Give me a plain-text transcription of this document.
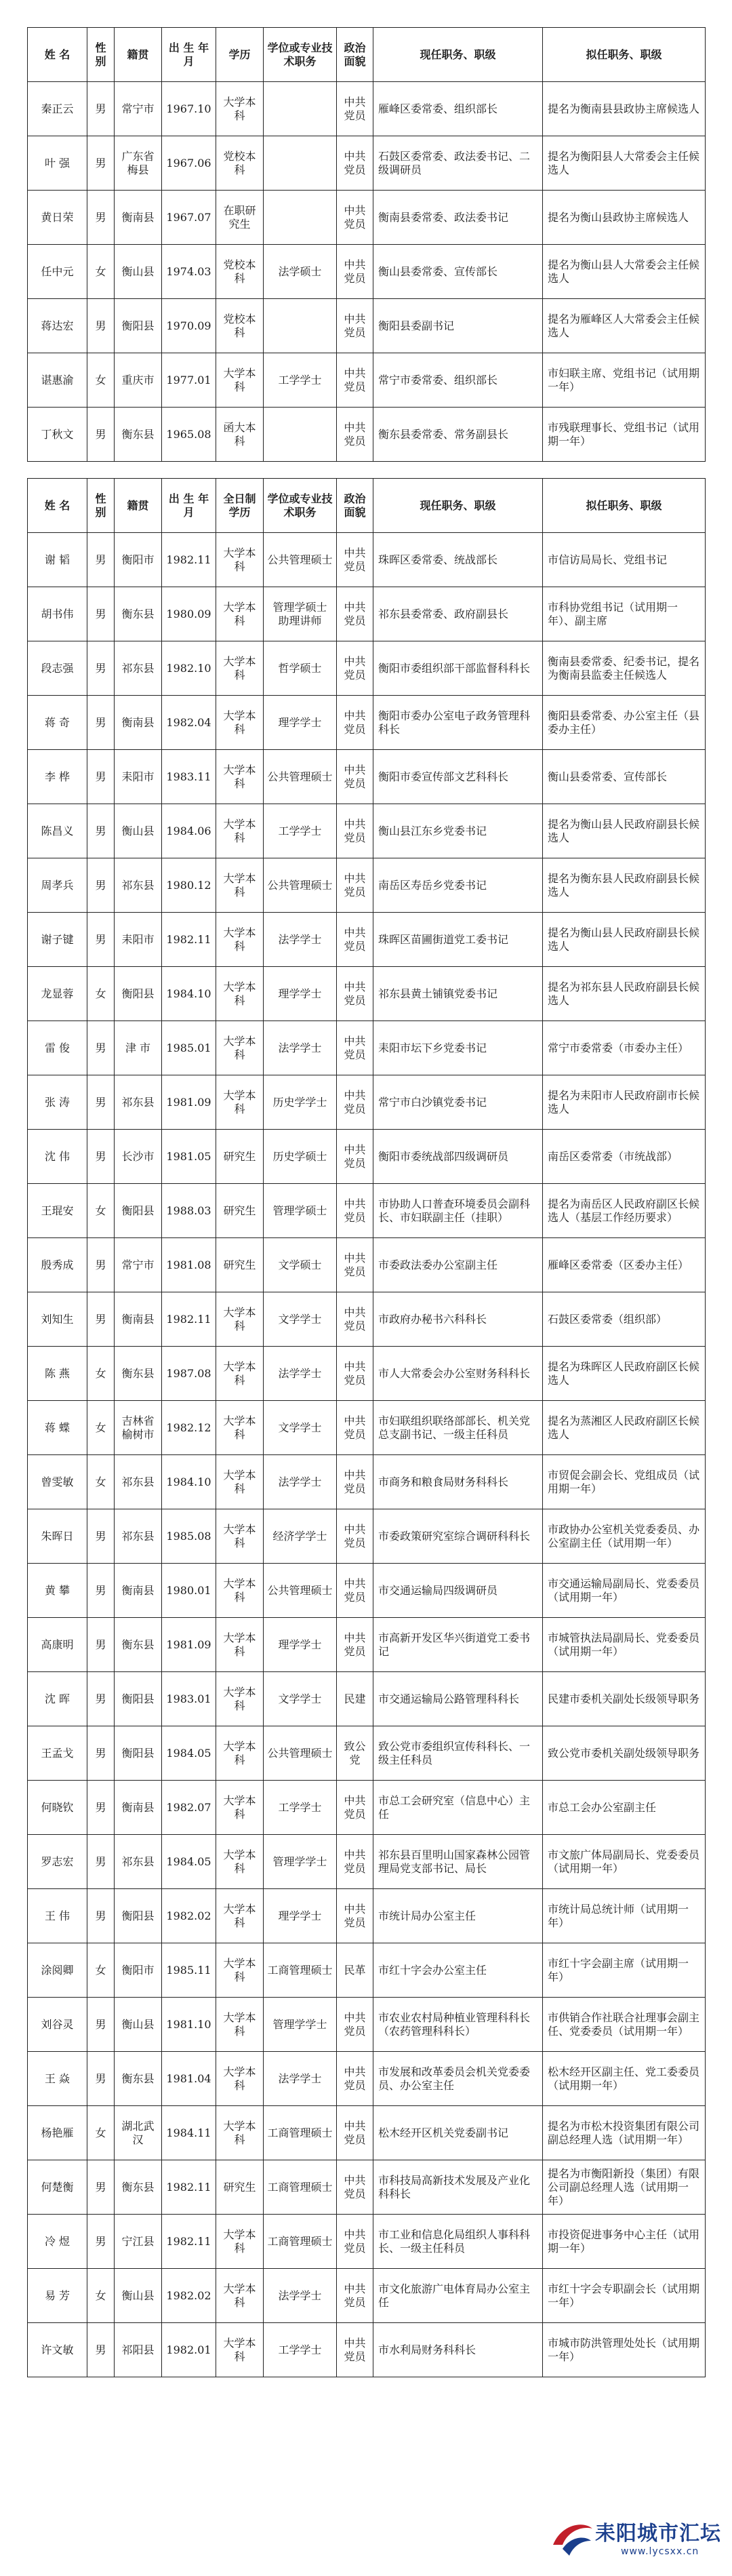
姓 名	性别	籍贯	出 生 年 月	学历	学位或专业技术职务	政治面貌	现任职务、职级	拟任职务、职级
秦正云	男	常宁市	1967.10	大学本科		中共党员	雁峰区委常委、组织部长	提名为衡南县县政协主席候选人
叶 强	男	广东省梅县	1967.06	党校本科		中共党员	石鼓区委常委、政法委书记、二级调研员	提名为衡阳县人大常委会主任候选人
黄日荣	男	衡南县	1967.07	在职研究生		中共党员	衡南县委常委、政法委书记	提名为衡山县政协主席候选人
任中元	女	衡山县	1974.03	党校本科	法学硕士	中共党员	衡山县委常委、宣传部长	提名为衡山县人大常委会主任候选人
蒋达宏	男	衡阳县	1970.09	党校本科		中共党员	衡阳县委副书记	提名为雁峰区人大常委会主任候选人
谌惠渝	女	重庆市	1977.01	大学本科	工学学士	中共党员	常宁市委常委、组织部长	市妇联主席、党组书记（试用期一年）
丁秋文	男	衡东县	1965.08	函大本科		中共党员	衡东县委常委、常务副县长	市残联理事长、党组书记（试用期一年）
姓 名	性别	籍贯	出 生 年 月	全日制学历	学位或专业技术职务	政治面貌	现任职务、职级	拟任职务、职级
谢 韬	男	衡阳市	1982.11	大学本科	公共管理硕士	中共党员	珠晖区委常委、统战部长	市信访局局长、党组书记
胡书伟	男	衡东县	1980.09	大学本科	管理学硕士 助理讲师	中共党员	祁东县委常委、政府副县长	市科协党组书记（试用期一年）、副主席
段志强	男	祁东县	1982.10	大学本科	哲学硕士	中共党员	衡阳市委组织部干部监督科科长	衡南县委常委、纪委书记，提名为衡南县监委主任候选人
蒋 奇	男	衡南县	1982.04	大学本科	理学学士	中共党员	衡阳市委办公室电子政务管理科科长	衡阳县委常委、办公室主任（县委办主任）
李 桦	男	耒阳市	1983.11	大学本科	公共管理硕士	中共党员	衡阳市委宣传部文艺科科长	衡山县委常委、宣传部长
陈昌义	男	衡山县	1984.06	大学本科	工学学士	中共党员	衡山县江东乡党委书记	提名为衡山县人民政府副县长候选人
周孝兵	男	祁东县	1980.12	大学本科	公共管理硕士	中共党员	南岳区寿岳乡党委书记	提名为衡东县人民政府副县长候选人
谢子键	男	耒阳市	1982.11	大学本科	法学学士	中共党员	珠晖区苗圃街道党工委书记	提名为衡山县人民政府副县长候选人
龙显蓉	女	衡阳县	1984.10	大学本科	理学学士	中共党员	祁东县黄土铺镇党委书记	提名为祁东县人民政府副县长候选人
雷 俊	男	津 市	1985.01	大学本科	法学学士	中共党员	耒阳市坛下乡党委书记	常宁市委常委（市委办主任）
张 涛	男	祁东县	1981.09	大学本科	历史学学士	中共党员	常宁市白沙镇党委书记	提名为耒阳市人民政府副市长候选人
沈 伟	男	长沙市	1981.05	研究生	历史学硕士	中共党员	衡阳市委统战部四级调研员	南岳区委常委（市统战部）
王琨安	女	衡阳县	1988.03	研究生	管理学硕士	中共党员	市协助人口普查环境委员会副科长、市妇联副主任（挂职）	提名为南岳区人民政府副区长候选人（基层工作经历要求）
殷秀成	男	常宁市	1981.08	研究生	文学硕士	中共党员	市委政法委办公室副主任	雁峰区委常委（区委办主任）
刘知生	男	衡南县	1982.11	大学本科	文学学士	中共党员	市政府办秘书六科科长	石鼓区委常委（组织部）
陈 燕	女	衡东县	1987.08	大学本科	法学学士	中共党员	市人大常委会办公室财务科科长	提名为珠晖区人民政府副区长候选人
蒋 蝶	女	吉林省榆树市	1982.12	大学本科	文学学士	中共党员	市妇联组织联络部部长、机关党总支副书记、一级主任科员	提名为蒸湘区人民政府副区长候选人
曾雯敏	女	祁东县	1984.10	大学本科	法学学士	中共党员	市商务和粮食局财务科科长	市贸促会副会长、党组成员（试用期一年）
朱晖日	男	祁东县	1985.08	大学本科	经济学学士	中共党员	市委政策研究室综合调研科科长	市政协办公室机关党委委员、办公室副主任（试用期一年）
黄 攀	男	衡南县	1980.01	大学本科	公共管理硕士	中共党员	市交通运输局四级调研员	市交通运输局副局长、党委委员（试用期一年）
高康明	男	衡东县	1981.09	大学本科	理学学士	中共党员	市高新开发区华兴街道党工委书记	市城管执法局副局长、党委委员（试用期一年）
沈 晖	男	衡阳县	1983.01	大学本科	文学学士	民建	市交通运输局公路管理科科长	民建市委机关副处长级领导职务
王孟戈	男	衡阳县	1984.05	大学本科	公共管理硕士	致公党	致公党市委组织宣传科科长、一级主任科员	致公党市委机关副处级领导职务
何晓钦	男	衡南县	1982.07	大学本科	工学学士	中共党员	市总工会研究室（信息中心）主任	市总工会办公室副主任
罗志宏	男	祁东县	1984.05	大学本科	管理学学士	中共党员	祁东县百里明山国家森林公园管理局党支部书记、局长	市文旅广体局副局长、党委委员（试用期一年）
王 伟	男	衡阳县	1982.02	大学本科	理学学士	中共党员	市统计局办公室主任	市统计局总统计师（试用期一年）
涂阅卿	女	衡阳市	1985.11	大学本科	工商管理硕士	民革	市红十字会办公室主任	市红十字会副主席（试用期一年）
刘谷灵	男	衡山县	1981.10	大学本科	管理学学士	中共党员	市农业农村局种植业管理科科长（农药管理科科长）	市供销合作社联合社理事会副主任、党委委员（试用期一年）
王 焱	男	衡东县	1981.04	大学本科	法学学士	中共党员	市发展和改革委员会机关党委委员、办公室主任	松木经开区副主任、党工委委员（试用期一年）
杨艳雁	女	湖北武汉	1984.11	大学本科	工商管理硕士	中共党员	松木经开区机关党委副书记	提名为市松木投资集团有限公司副总经理人选（试用期一年）
何楚衡	男	衡东县	1982.11	研究生	工商管理硕士	中共党员	市科技局高新技术发展及产业化科科长	提名为市衡阳新投（集团）有限公司副总经理人选（试用期一年）
冷 煜	男	宁江县	1982.11	大学本科	工商管理硕士	中共党员	市工业和信息化局组织人事科科长、一级主任科员	市投资促进事务中心主任（试用期一年）
易 芳	女	衡山县	1982.02	大学本科	法学学士	中共党员	市文化旅游广电体育局办公室主任	市红十字会专职副会长（试用期一年）
许文敏	男	祁阳县	1982.01	大学本科	工学学士	中共党员	市水利局财务科科长	市城市防洪管理处处长（试用期一年）
耒阳城市汇坛
www.lycsxx.cn
